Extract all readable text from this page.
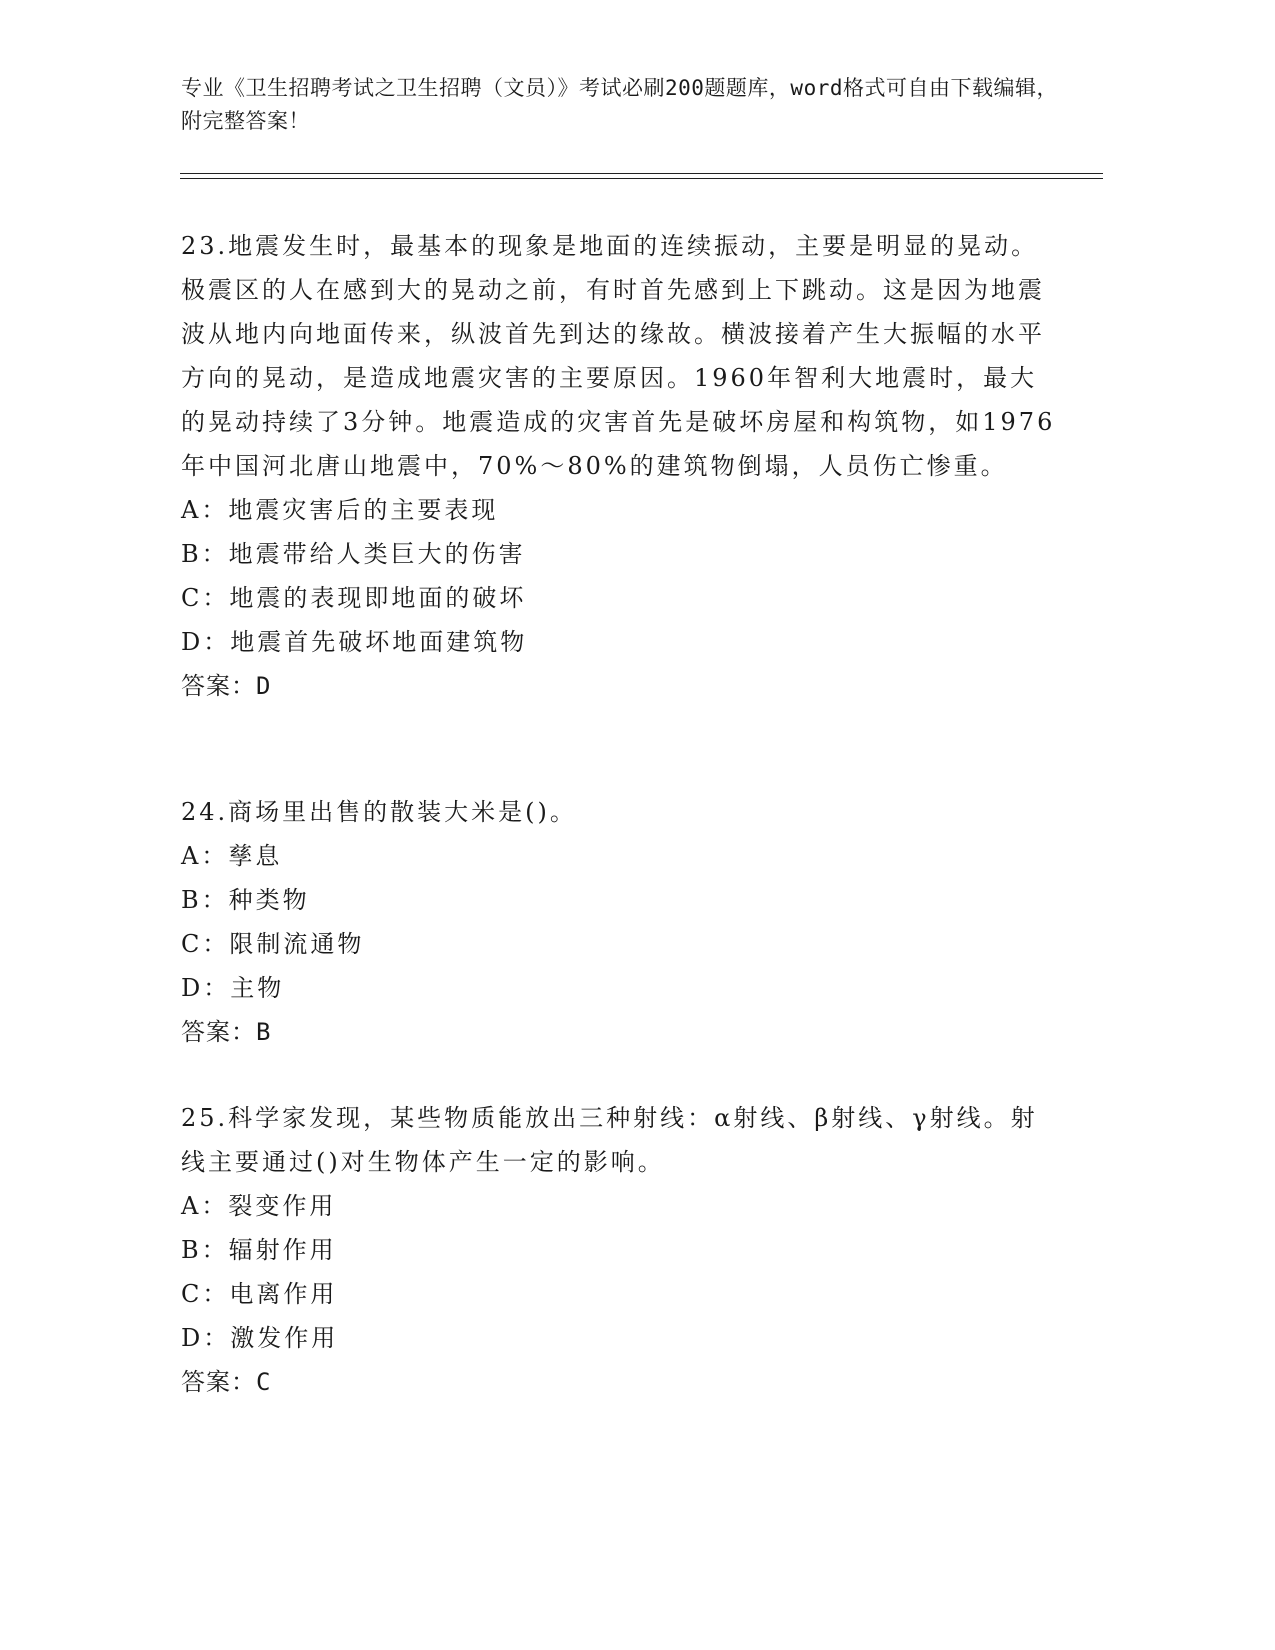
专业《卫生招聘考试之卫生招聘（文员）》考试必刷200题题库，word格式可自由下载编辑，附完整答案！

23.地震发生时，最基本的现象是地面的连续振动，主要是明显的晃动。极震区的人在感到大的晃动之前，有时首先感到上下跳动。这是因为地震波从地内向地面传来，纵波首先到达的缘故。横波接着产生大振幅的水平方向的晃动，是造成地震灾害的主要原因。1960年智利大地震时，最大的晃动持续了3分钟。地震造成的灾害首先是破坏房屋和构筑物，如1976年中国河北唐山地震中，70%～80%的建筑物倒塌，人员伤亡惨重。

A：地震灾害后的主要表现

B：地震带给人类巨大的伤害

C：地震的表现即地面的破坏

D：地震首先破坏地面建筑物

答案：D

24.商场里出售的散装大米是()。

A：孳息

B：种类物

C：限制流通物

D：主物

答案：B

25.科学家发现，某些物质能放出三种射线：α射线、β射线、γ射线。射线主要通过()对生物体产生一定的影响。

A：裂变作用

B：辐射作用

C：电离作用

D：激发作用

答案：C
